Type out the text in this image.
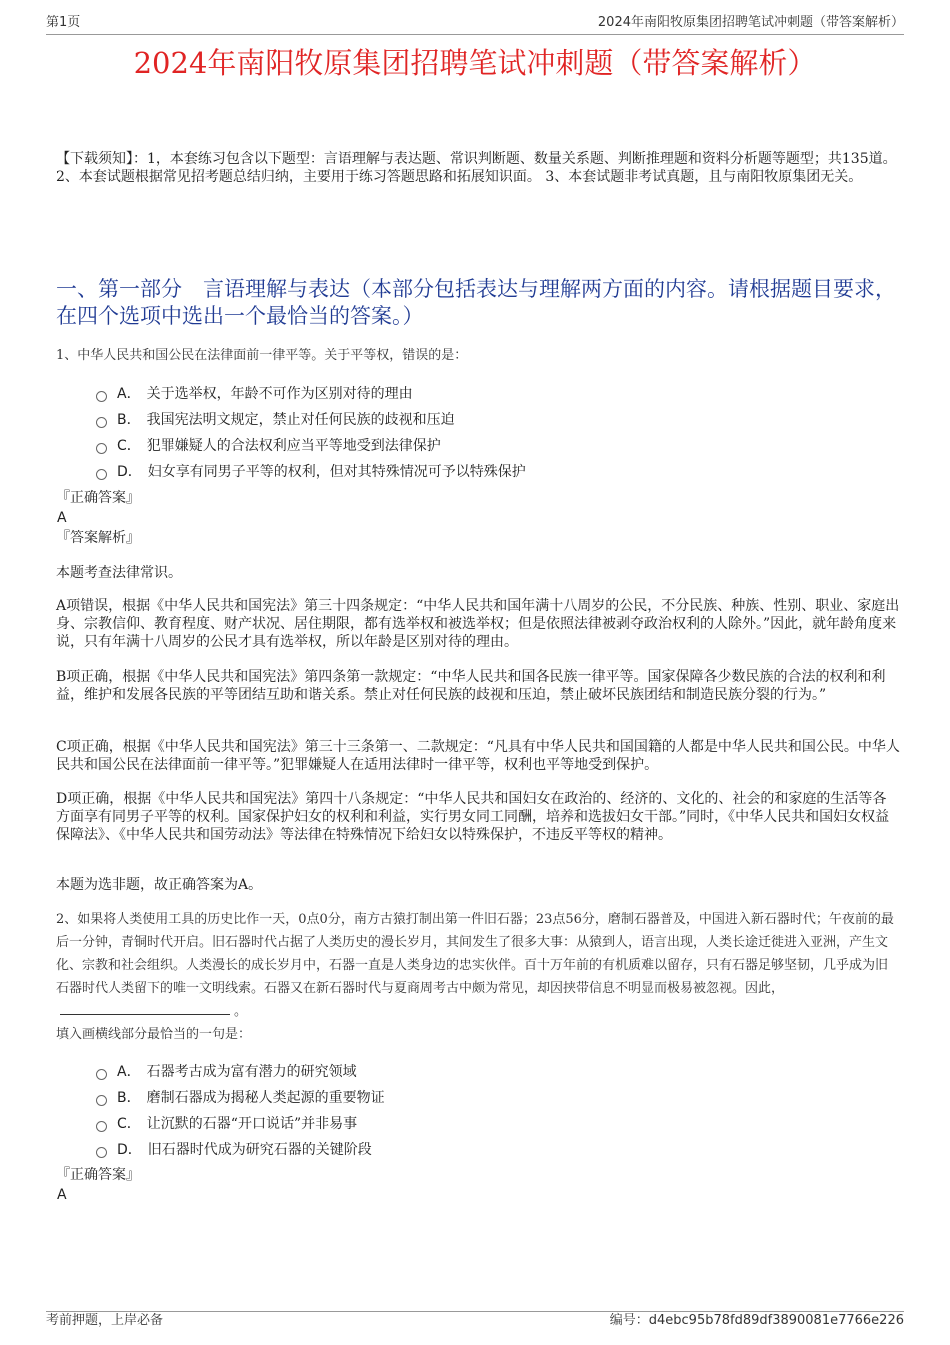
第1页	2024年南阳牧原集团招聘笔试冲刺题（带答案解析）
2024年南阳牧原集团招聘笔试冲刺题（带答案解析）
【下载须知】：1，本套练习包含以下题型：言语理解与表达题、常识判断题、数量关系题、判断推理题和资料分析题等题型；共135道。 2、本套试题根据常见招考题总结归纳，主要用于练习答题思路和拓展知识面。 3、本套试题非考试真题，且与南阳牧原集团无关。
一、第一部分　言语理解与表达（本部分包括表达与理解两方面的内容。请根据题目要求，在四个选项中选出一个最恰当的答案。）
1、中华人民共和国公民在法律面前一律平等。关于平等权，错误的是：
A． 关于选举权，年龄不可作为区别对待的理由
B． 我国宪法明文规定，禁止对任何民族的歧视和压迫
C． 犯罪嫌疑人的合法权利应当平等地受到法律保护
D． 妇女享有同男子平等的权利，但对其特殊情况可予以特殊保护
『正确答案』
A
『答案解析』

本题考查法律常识。

A项错误，根据《中华人民共和国宪法》第三十四条规定：“中华人民共和国年满十八周岁的公民，不分民族、种族、性别、职业、家庭出身、宗教信仰、教育程度、财产状况、居住期限，都有选举权和被选举权；但是依照法律被剥夺政治权利的人除外。”因此，就年龄角度来说，只有年满十八周岁的公民才具有选举权，所以年龄是区别对待的理由。

B项正确，根据《中华人民共和国宪法》第四条第一款规定：“中华人民共和国各民族一律平等。国家保障各少数民族的合法的权利和利益，维护和发展各民族的平等团结互助和谐关系。禁止对任何民族的歧视和压迫，禁止破坏民族团结和制造民族分裂的行为。”

C项正确，根据《中华人民共和国宪法》第三十三条第一、二款规定：“凡具有中华人民共和国国籍的人都是中华人民共和国公民。中华人民共和国公民在法律面前一律平等。”犯罪嫌疑人在适用法律时一律平等，权利也平等地受到保护。

D项正确，根据《中华人民共和国宪法》第四十八条规定：“中华人民共和国妇女在政治的、经济的、文化的、社会的和家庭的生活等各方面享有同男子平等的权利。国家保护妇女的权利和利益，实行男女同工同酬，培养和选拔妇女干部。”同时，《中华人民共和国妇女权益保障法》、《中华人民共和国劳动法》等法律在特殊情况下给妇女以特殊保护，不违反平等权的精神。

本题为选非题，故正确答案为A。

2、如果将人类使用工具的历史比作一天，0点0分，南方古猿打制出第一件旧石器；23点56分，磨制石器普及，中国进入新石器时代；午夜前的最后一分钟，青铜时代开启。旧石器时代占据了人类历史的漫长岁月，其间发生了很多大事：从猿到人，语言出现，人类长途迁徙进入亚洲，产生文化、宗教和社会组织。人类漫长的成长岁月中，石器一直是人类身边的忠实伙伴。百十万年前的有机质难以留存，只有石器足够坚韧，几乎成为旧石器时代人类留下的唯一文明线索。石器又在新石器时代与夏商周考古中颇为常见，却因挟带信息不明显而极易被忽视。因此，。
填入画横线部分最恰当的一句是：
A． 石器考古成为富有潜力的研究领域
B． 磨制石器成为揭秘人类起源的重要物证
C． 让沉默的石器“开口说话”并非易事
D． 旧石器时代成为研究石器的关键阶段
『正确答案』
A
考前押题，上岸必备	编号：d4ebc95b78fd89df3890081e7766e226
